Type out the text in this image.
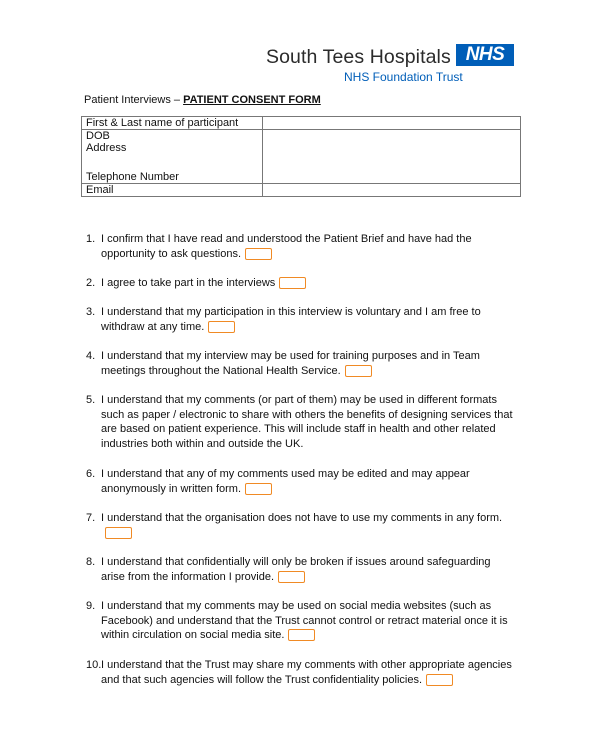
South Tees Hospitals NHS
NHS Foundation Trust
Patient Interviews – PATIENT CONSENT FORM
First & Last name of participant	

DOB
Address
Telephone Number	

Email	
1. I confirm that I have read and understood the Patient Brief and have had the opportunity to ask questions.
2. I agree to take part in the interviews
3. I understand that my participation in this interview is voluntary and I am free to withdraw at any time.
4. I understand that my interview may be used for training purposes and in Team meetings throughout the National Health Service.
5. I understand that my comments (or part of them) may be used in different formats such as paper / electronic to share with others the benefits of designing services that are based on patient experience. This will include staff in health and other related industries both within and outside the UK.
6. I understand that any of my comments used may be edited and may appear anonymously in written form.
7. I understand that the organisation does not have to use my comments in any form.
8. I understand that confidentially will only be broken if issues around safeguarding arise from the information I provide.
9. I understand that my comments may be used on social media websites (such as Facebook) and understand that the Trust cannot control or retract material once it is within circulation on social media site.
10. I understand that the Trust may share my comments with other appropriate agencies and that such agencies will follow the Trust confidentiality policies.
